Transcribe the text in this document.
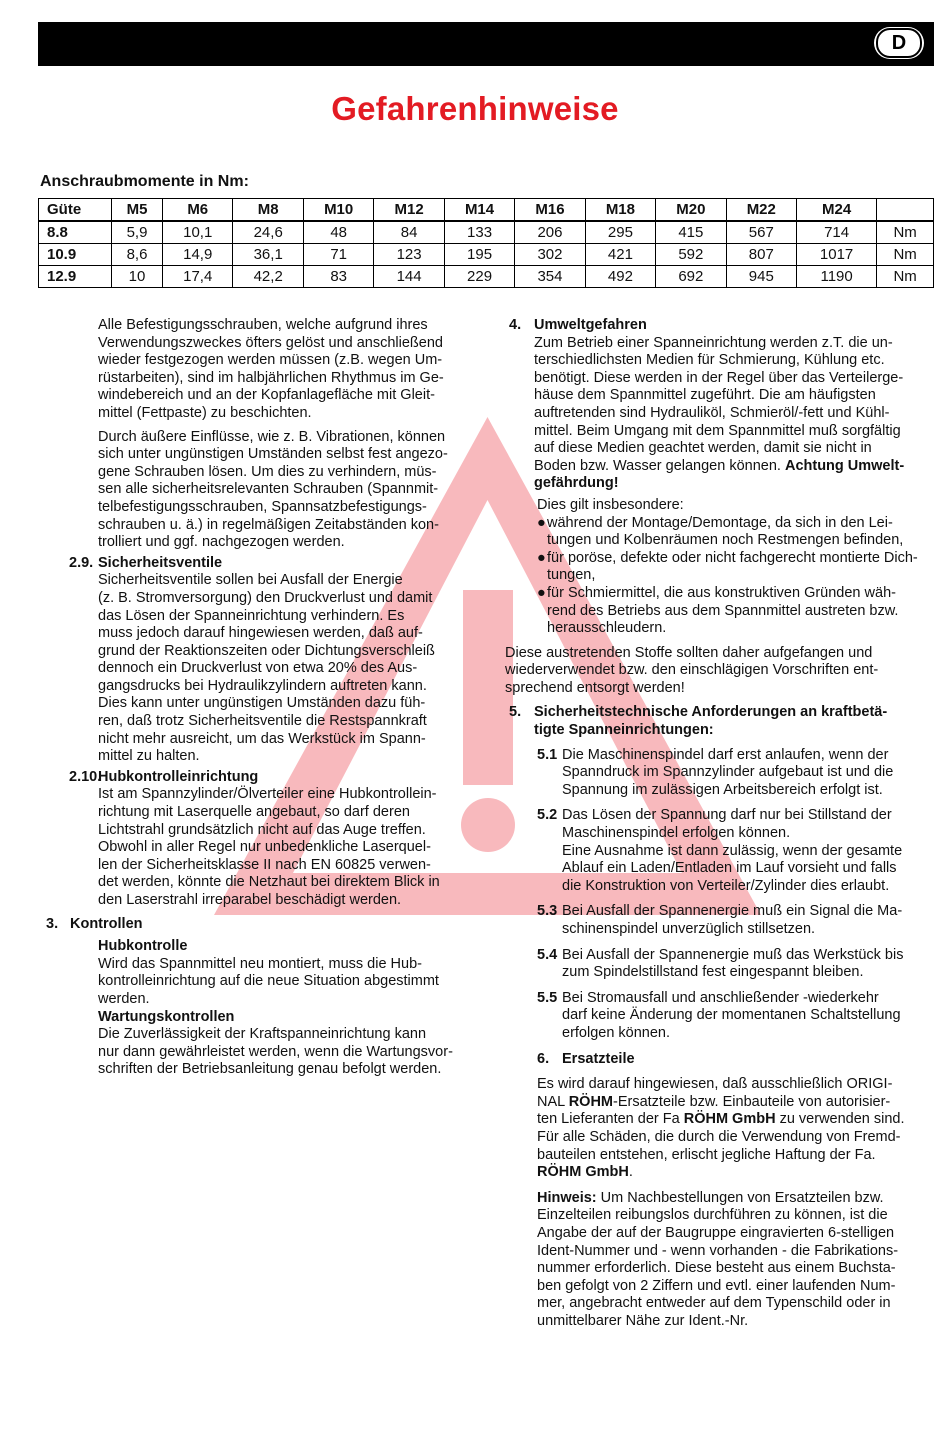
D
Gefahrenhinweise
Anschraubmomente in Nm:
Güte	M5	M6	M8	M10	M12	M14	M16	M18	M20	M22	M24	
8.8	5,9	10,1	24,6	48	84	133	206	295	415	567	714	Nm
10.9	8,6	14,9	36,1	71	123	195	302	421	592	807	1017	Nm
12.9	10	17,4	42,2	83	144	229	354	492	692	945	1190	Nm

Alle Befestigungsschrauben, welche aufgrund ihres

Verwendungszweckes öfters gelöst und anschließend

wieder festgezogen werden müssen (z.B. wegen Um-

rüstarbeiten), sind im halbjährlichen Rhythmus im Ge-

windebereich und an der Kopfanlagefläche mit Gleit-

mittel (Fettpaste) zu beschichten.

Durch äußere Einflüsse, wie z. B. Vibrationen, können

sich unter ungünstigen Umständen selbst fest angezo-

gene Schrauben lösen. Um dies zu verhindern, müs-

sen alle sicherheitsrelevanten Schrauben (Spannmit-

telbefestigungsschrauben, Spannsatzbefestigungs-

schrauben u. ä.) in regelmäßigen Zeitabständen kon-

trolliert und ggf. nachgezogen werden.

2.9. Sicherheitsventile

Sicherheitsventile sollen bei Ausfall der Energie

(z. B. Stromversorgung) den Druckverlust und damit

das Lösen der Spanneinrichtung verhindern. Es

muss jedoch darauf hingewiesen werden, daß auf-

grund der Reaktionszeiten oder Dichtungsverschleiß

dennoch ein Druckverlust von etwa 20% des Aus-

gangsdrucks bei Hydraulikzylindern auftreten kann.

Dies kann unter ungünstigen Umständen dazu füh-

ren, daß trotz Sicherheitsventile die Restspannkraft

nicht mehr ausreicht, um das Werkstück im Spann-

mittel zu halten.

2.10.
Hubkontrolleinrichtung

Ist am Spannzylinder/Ölverteiler eine Hubkontrollein-

richtung mit Laserquelle angebaut, so darf deren

Lichtstrahl grundsätzlich nicht auf das Auge treffen.

Obwohl in aller Regel nur unbedenkliche Laserquel-

len der Sicherheitsklasse II nach EN 60825 verwen-

det werden, könnte die Netzhaut bei direktem Blick in

den Laserstrahl irreparabel beschädigt werden.

3. Kontrollen

Hubkontrolle

Wird das Spannmittel neu montiert, muss die Hub-

kontrolleinrichtung auf die neue Situation abgestimmt

werden.

Wartungskontrollen

Die Zuverlässigkeit der Kraftspanneinrichtung kann

nur dann gewährleistet werden, wenn die Wartungsvor-

schriften der Betriebsanleitung genau befolgt werden.

4. Umweltgefahren

Zum Betrieb einer Spanneinrichtung werden z.T. die un-

terschiedlichsten Medien für Schmierung, Kühlung etc.

benötigt. Diese werden in der Regel über das Verteilerge-

häuse dem Spannmittel zugeführt. Die am häufigsten

auftretenden sind Hydrauliköl, Schmieröl/-fett und Kühl-

mittel. Beim Umgang mit dem Spannmittel muß sorgfältig

auf diese Medien geachtet werden, damit sie nicht in

Boden bzw. Wasser gelangen können. Achtung Umwelt-

gefährdung!

Dies gilt insbesondere:

● während der Montage/Demontage, da sich in den Lei-

tungen und Kolbenräumen noch Restmengen befinden,

● für poröse, defekte oder nicht fachgerecht montierte Dich-

tungen,

● für Schmiermittel, die aus konstruktiven Gründen wäh-

rend des Betriebs aus dem Spannmittel austreten bzw.

herausschleudern.

Diese austretenden Stoffe sollten daher aufgefangen und

wiederverwendet bzw. den einschlägigen Vorschriften ent-

sprechend entsorgt werden!

5. Sicherheitstechnische Anforderungen an kraftbetä-
tigte Spanneinrichtungen:
5.1 Die Maschinenspindel darf erst anlaufen, wenn der

Spanndruck im Spannzylinder aufgebaut ist und die

Spannung im zulässigen Arbeitsbereich erfolgt ist.

5.2 Das Lösen der Spannung darf nur bei Stillstand der

Maschinenspindel erfolgen können.

Eine Ausnahme ist dann zulässig, wenn der gesamte

Ablauf ein Laden/Entladen im Lauf vorsieht und falls

die Konstruktion von Verteiler/Zylinder dies erlaubt.

5.3 Bei Ausfall der Spannenergie muß ein Signal die Ma-

schinenspindel unverzüglich stillsetzen.

5.4 Bei Ausfall der Spannenergie muß das Werkstück bis

zum Spindelstillstand fest eingespannt bleiben.

5.5 Bei Stromausfall und anschließender -wiederkehr

darf keine Änderung der momentanen Schaltstellung

erfolgen können.

6. Ersatzteile

Es wird darauf hingewiesen, daß ausschließlich ORIGI-

NAL RÖHM-Ersatzteile bzw. Einbauteile von autorisier-

ten Lieferanten der Fa RÖHM GmbH zu verwenden sind.

Für alle Schäden, die durch die Verwendung von Fremd-

bauteilen entstehen, erlischt jegliche Haftung der Fa.

RÖHM GmbH.

Hinweis: Um Nachbestellungen von Ersatzteilen bzw.

Einzelteilen reibungslos durchführen zu können, ist die

Angabe der auf der Baugruppe eingravierten 6-stelligen

Ident-Nummer und - wenn vorhanden - die Fabrikations-

nummer erforderlich. Diese besteht aus einem Buchsta-

ben gefolgt von 2 Ziffern und evtl. einer laufenden Num-

mer, angebracht entweder auf dem Typenschild oder in

unmittelbarer Nähe zur Ident.-Nr.
